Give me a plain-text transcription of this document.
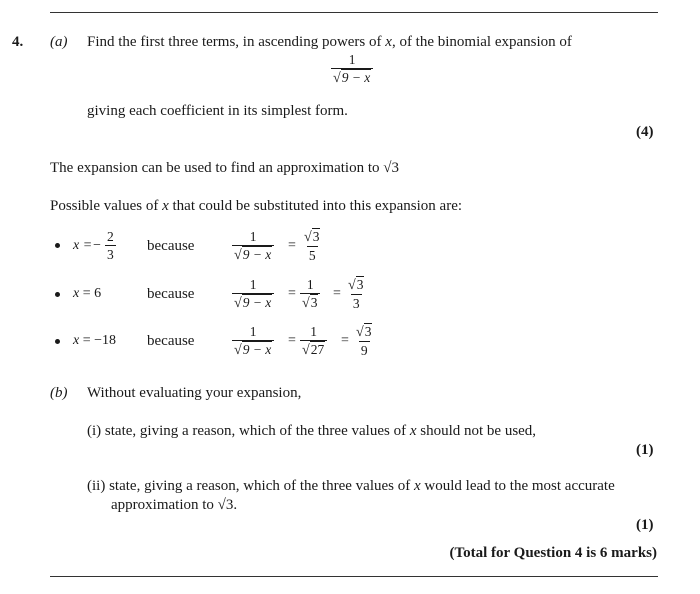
4. (a) Find the first three terms, in ascending powers of x, of the binomial expansion of
$\frac{1}{√9 - x}$
giving each coefficient in its simplest form.
(4)
The expansion can be used to find an approximation to √3
Possible values of x that could be substituted into this expansion are:
$x =- \frac{2}{3}$ because	$\frac{1}{√9 - x} = \frac{√3}{5}$
x = 6	because	$\frac{1}{√9 - x} = \frac{1}{√3} = \frac{√3}{3}$
x = −18 because	$\frac{1}{√9 - x} = \frac{1}{√27} = \frac{√3}{9}$
(b) Without evaluating your expansion,
(i) state, giving a reason, which of the three values of x should not be used,
(1)
(ii) state, giving a reason, which of the three values of x would lead to the most accurate
approximation to √3.
(1)
(Total for Question 4 is 6 marks)
